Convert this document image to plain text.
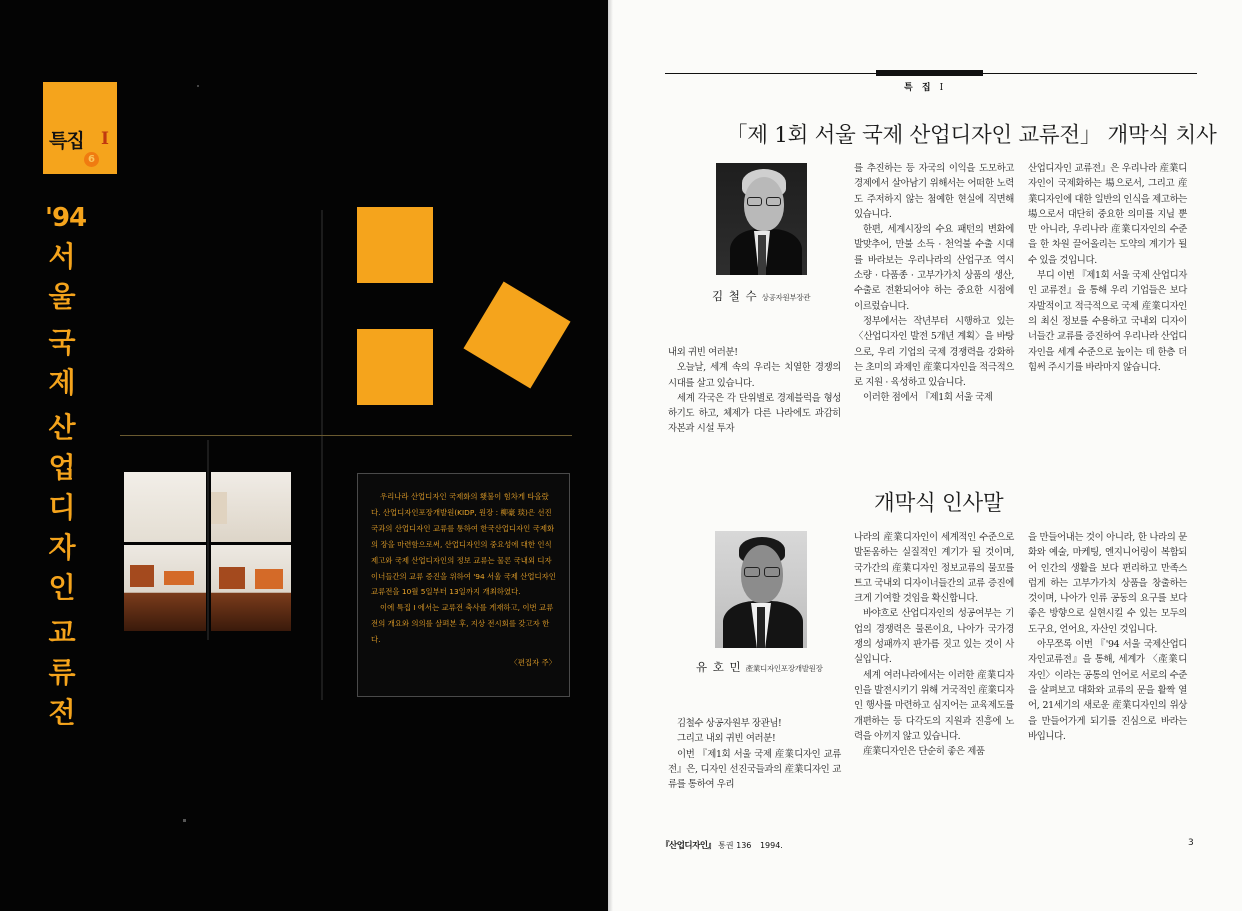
특집
6
I
'94
서
울
국
제
산
업
디
자
인
교
류
전

우리나라 산업디자인 국제화의 횃불이 힘차게 타올랐다. 산업디자인포장개발원(KIDP, 원장 : 柳豪 琰)은 선진국과의 산업디자인 교류를 통하여 한국산업디자인 국제화의 장을 마련함으로써, 산업디자인의 중요성에 대한 인식 제고와 국제 산업디자인의 정보 교류는 물론 국내외 디자이너들간의 교류 증진을 위하여 '94 서울 국제 산업디자인 교류전을 10월 5일부터 13일까지 개최하였다.

이에 특집 I 에서는 교류전 축사를 게재하고, 이번 교류전의 개요와 의의를 살펴본 후, 지상 전시회를 갖고자 한다.

〈편집자 주〉

특 집 I
「제 1회 서울 국제 산업디자인 교류전」 개막식 치사
김 철 수 상공자원부장관

내외 귀빈 여러분!

오늘날, 세계 속의 우리는 치열한 경쟁의 시대를 살고 있습니다.

세계 각국은 각 단위별로 경제블럭을 형성하기도 하고, 체제가 다른 나라에도 과감히 자본과 시설 투자

를 추진하는 등 자국의 이익을 도모하고 경제에서 살아남기 위해서는 어떠한 노력도 주저하지 않는 첨예한 현실에 직면해 있습니다.

한편, 세계시장의 수요 패턴의 변화에 발맞추어, 만불 소득 · 천억불 수출 시대를 바라보는 우리나라의 산업구조 역시 소량 · 다품종 · 고부가가치 상품의 생산, 수출로 전환되어야 하는 중요한 시점에 이르렀습니다.

정부에서는 작년부터 시행하고 있는 〈산업디자인 발전 5개년 계획〉을 바탕으로, 우리 기업의 국제 경쟁력을 강화하는 초미의 과제인 産業디자인을 적극적으로 지원 · 육성하고 있습니다.

이러한 점에서 『제1회 서울 국제

산업디자인 교류전』은 우리나라 産業디자인이 국제화하는 場으로서, 그리고 産業디자인에 대한 일반의 인식을 제고하는 場으로서 대단히 중요한 의미를 지닐 뿐만 아니라, 우리나라 産業디자인의 수준을 한 차원 끌어올리는 도약의 계기가 될 수 있을 것입니다.

부디 이번 『제1회 서울 국제 산업디자인 교류전』을 통해 우리 기업들은 보다 자발적이고 적극적으로 국제 産業디자인의 최신 정보를 수용하고 국내외 디자이너들간 교류를 증진하여 우리나라 산업디자인을 세계 수준으로 높이는 데 한층 더 힘써 주시기를 바라마지 않습니다.

개막식 인사말
유 호 민 產業디자인포장개발원장

김철수 상공자원부 장관님!

그리고 내외 귀빈 여러분!

이번 『제1회 서울 국제 産業디자인 교류전』은, 디자인 선진국들과의 産業디자인 교류를 통하여 우리

나라의 産業디자인이 세계적인 수준으로 발돋움하는 실질적인 계기가 될 것이며, 국가간의 産業디자인 정보교류의 물꼬를 트고 국내외 디자이너들간의 교류 증진에 크게 기여할 것임을 확신합니다.

바야흐로 산업디자인의 성공여부는 기업의 경쟁력은 물론이요, 나아가 국가경쟁의 성패까지 판가름 짓고 있는 것이 사실입니다.

세계 여러나라에서는 이러한 産業디자인을 발전시키기 위해 거국적인 産業디자인 행사를 마련하고 심지어는 교육제도를 개편하는 등 다각도의 지원과 진흥에 노력을 아끼지 않고 있습니다.

産業디자인은 단순히 좋은 제품

을 만들어내는 것이 아니라, 한 나라의 문화와 예술, 마케팅, 엔지니어링이 복합되어 인간의 생활을 보다 편리하고 만족스럽게 하는 고부가가치 상품을 창출하는 것이며, 나아가 인류 공동의 요구를 보다 좋은 방향으로 실현시킬 수 있는 모두의 도구요, 언어요, 자산인 것입니다.

아무쪼록 이번 『'94 서울 국제산업디자인교류전』을 통해, 세계가 〈產業디자인〉이라는 공통의 언어로 서로의 수준을 살펴보고 대화와 교류의 문을 활짝 열어, 21세기의 새로운 産業디자인의 위상을 만들어가게 되기를 진심으로 바라는 바입니다.

『산업디자인』 통권 136 1994.	3
